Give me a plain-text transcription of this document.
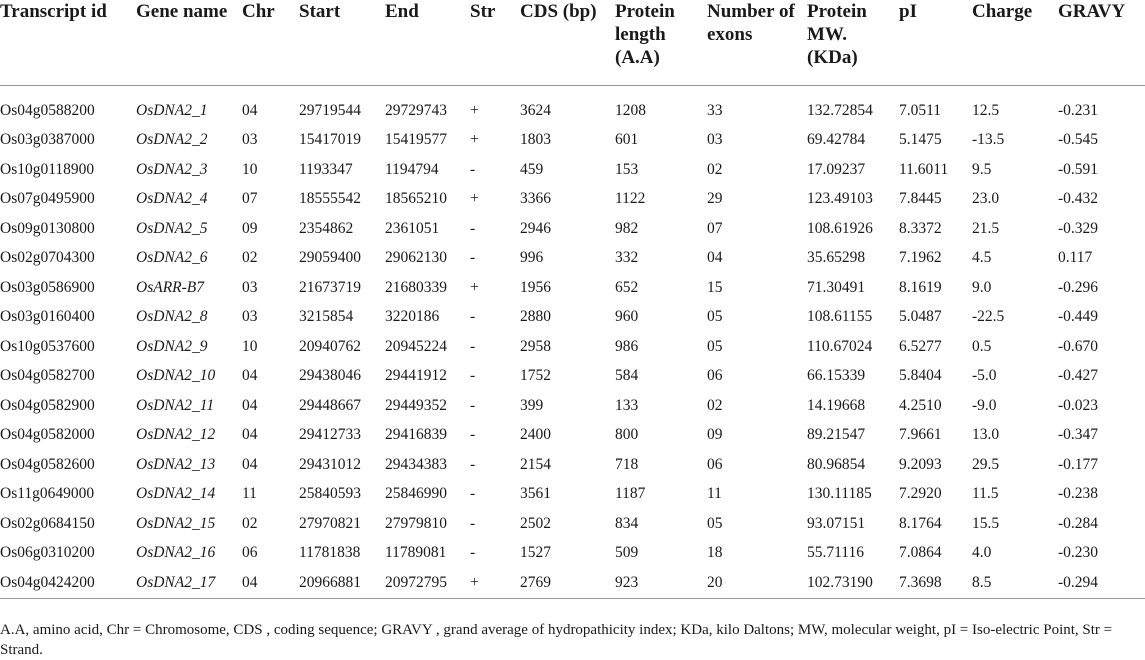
Transcript id	Gene name	Chr	Start	End	Str	CDS (bp)	Protein length (A.A)	Number of exons	Protein MW. (KDa)	pI	Charge	GRAVY

Os04g0588200	OsDNA2_1	04	29719544	29729743	+	3624	1208	33	132.72854	7.0511	12.5	-0.231
Os03g0387000	OsDNA2_2	03	15417019	15419577	+	1803	601	03	69.42784	5.1475	-13.5	-0.545
Os10g0118900	OsDNA2_3	10	1193347	1194794	-	459	153	02	17.09237	11.6011	9.5	-0.591
Os07g0495900	OsDNA2_4	07	18555542	18565210	+	3366	1122	29	123.49103	7.8445	23.0	-0.432
Os09g0130800	OsDNA2_5	09	2354862	2361051	-	2946	982	07	108.61926	8.3372	21.5	-0.329
Os02g0704300	OsDNA2_6	02	29059400	29062130	-	996	332	04	35.65298	7.1962	4.5	0.117
Os03g0586900	OsARR-B7	03	21673719	21680339	+	1956	652	15	71.30491	8.1619	9.0	-0.296
Os03g0160400	OsDNA2_8	03	3215854	3220186	-	2880	960	05	108.61155	5.0487	-22.5	-0.449
Os10g0537600	OsDNA2_9	10	20940762	20945224	-	2958	986	05	110.67024	6.5277	0.5	-0.670
Os04g0582700	OsDNA2_10	04	29438046	29441912	-	1752	584	06	66.15339	5.8404	-5.0	-0.427
Os04g0582900	OsDNA2_11	04	29448667	29449352	-	399	133	02	14.19668	4.2510	-9.0	-0.023
Os04g0582000	OsDNA2_12	04	29412733	29416839	-	2400	800	09	89.21547	7.9661	13.0	-0.347
Os04g0582600	OsDNA2_13	04	29431012	29434383	-	2154	718	06	80.96854	9.2093	29.5	-0.177
Os11g0649000	OsDNA2_14	11	25840593	25846990	-	3561	1187	11	130.11185	7.2920	11.5	-0.238
Os02g0684150	OsDNA2_15	02	27970821	27979810	-	2502	834	05	93.07151	8.1764	15.5	-0.284
Os06g0310200	OsDNA2_16	06	11781838	11789081	-	1527	509	18	55.71116	7.0864	4.0	-0.230
Os04g0424200	OsDNA2_17	04	20966881	20972795	+	2769	923	20	102.73190	7.3698	8.5	-0.294
A.A, amino acid, Chr = Chromosome, CDS , coding sequence; GRAVY , grand average of hydropathicity index; KDa, kilo Daltons; MW, molecular weight, pI = Iso-electric Point, Str = Strand.
